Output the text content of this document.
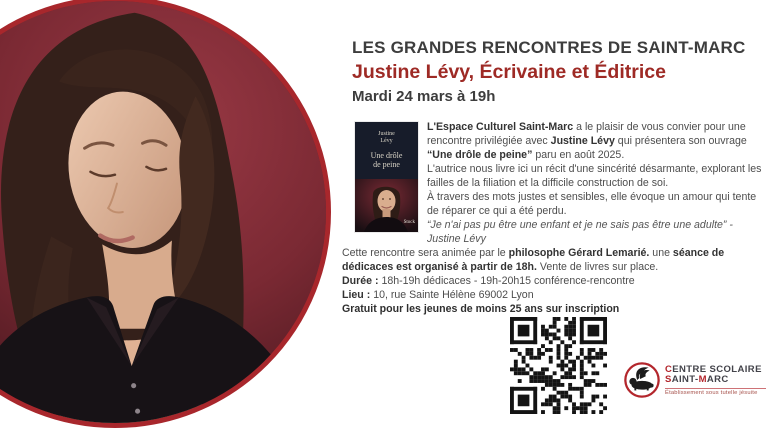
LES GRANDES RENCONTRES DE SAINT-MARC
Justine Lévy, Écrivaine et Éditrice
Mardi 24 mars à 19h
Justine
Lévy
Une drôle
de peine
Stock

L'Espace Culturel Saint-Marc a le plaisir de vous convier pour une rencontre privilégiée avec Justine Lévy qui présentera son ouvrage “Une drôle de peine” paru en août 2025.

L'autrice nous livre ici un récit d'une sincérité désarmante, explorant les failles de la filiation et la difficile construction de soi.

À travers des mots justes et sensibles, elle évoque un amour qui tente de réparer ce qui a été perdu.

“Je n'ai pas pu être une enfant et je ne sais pas être une adulte” - Justine Lévy

Cette rencontre sera animée par le philosophe Gérard Lemarié. une séance de dédicaces est organisé à partir de 18h. Vente de livres sur place.

Durée : 18h-19h dédicaces - 19h-20h15 conférence-rencontre

Lieu : 10, rue Sainte Hélène 69002 Lyon

Gratuit pour les jeunes de moins 25 ans sur inscription

CENTRE SCOLAIRE
SAINT-MARC
Établissement sous tutelle jésuite
